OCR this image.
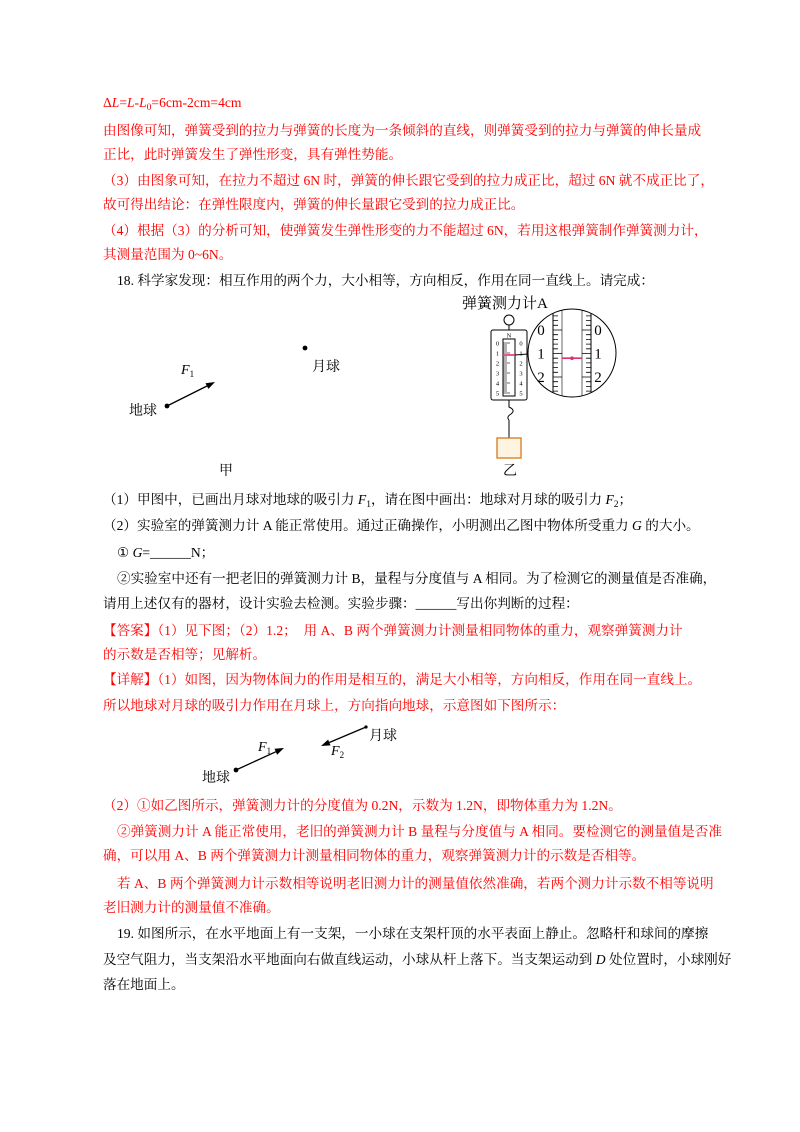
$\Delta L=L-L_0=6cm-2cm=4cm$
由图像可知，弹簧受到的拉力与弹簧的长度为一条倾斜的直线，则弹簧受到的拉力与弹簧的伸长量成
正比，此时弹簧发生了弹性形变，具有弹性势能。
（3）由图象可知，在拉力不超过 6N 时，弹簧的伸长跟它受到的拉力成正比，超过 6N 就不成正比了，
故可得出结论：在弹性限度内，弹簧的伸长量跟它受到的拉力成正比。
（4）根据（3）的分析可知，使弹簧发生弹性形变的力不能超过 6N，若用这根弹簧制作弹簧测力计，
其测量范围为 0~6N。
18. 科学家发现：相互作用的两个力，大小相等，方向相反，作用在同一直线上。请完成：
（1）甲图中，已画出月球对地球的吸引力 $F_1$，请在图中画出：地球对月球的吸引力 $F_2$；
（2）实验室的弹簧测力计 A 能正常使用。通过正确操作，小明测出乙图中物体所受重力 G 的大小。
① G=______N；
②实验室中还有一把老旧的弹簧测力计 B，量程与分度值与 A 相同。为了检测它的测量值是否准确，
请用上述仅有的器材，设计实验去检测。实验步骤：______写出你判断的过程：
【答案】（1）见下图；（2）1.2；  用 A、B 两个弹簧测力计测量相同物体的重力，观察弹簧测力计
的示数是否相等；见解析。
【详解】（1）如图，因为物体间力的作用是相互的，满足大小相等，方向相反，作用在同一直线上。
所以地球对月球的吸引力作用在月球上，方向指向地球，示意图如下图所示：
（2）①如乙图所示，弹簧测力计的分度值为 0.2N，示数为 1.2N，即物体重力为 1.2N。
②弹簧测力计 A 能正常使用，老旧的弹簧测力计 B 量程与分度值与 A 相同。要检测它的测量值是否准
确，可以用 A、B 两个弹簧测力计测量相同物体的重力，观察弹簧测力计的示数是否相等。
若 A、B 两个弹簧测力计示数相等说明老旧测力计的测量值依然准确，若两个测力计示数不相等说明
老旧测力计的测量值不准确。
19. 如图所示，在水平地面上有一支架，一小球在支架杆顶的水平表面上静止。忽略杆和球间的摩擦
及空气阻力，当支架沿水平地面向右做直线运动，小球从杆上落下。当支架运动到 D 处位置时，小球刚好
落在地面上。
月球
地球
F1
甲
弹簧测力计A
N
0	0
1	1
2	2
3	3
4	4
5	5
乙
0	0
1	1
2	2
地球
F1
月球
F2
